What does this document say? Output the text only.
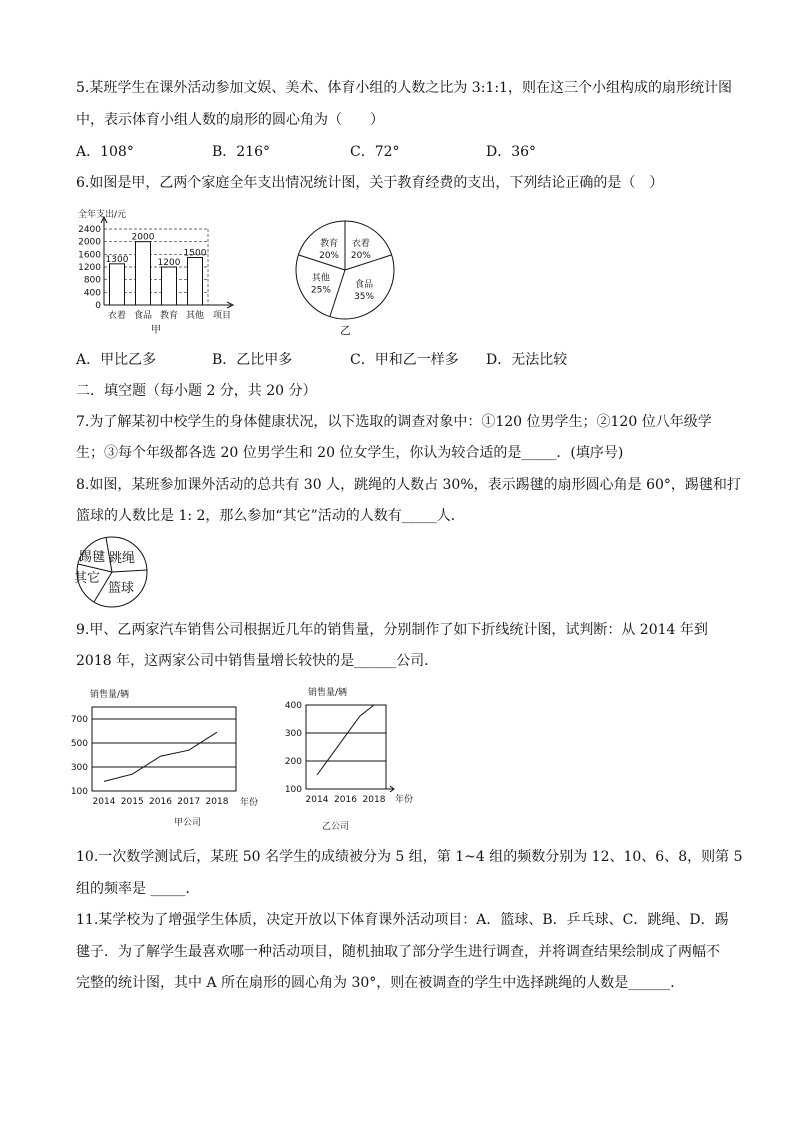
5.某班学生在课外活动参加文娱、美术、体育小组的人数之比为 3:1:1，则在这三个小组构成的扇形统计图
中，表示体育小组人数的扇形的圆心角为（　　）
A．108°	B．216°	C．72°	D．36°
6.如图是甲，乙两个家庭全年支出情况统计图，关于教育经费的支出，下列结论正确的是（　）
全年支出/元
0
400
800
1200
1600
2000
2400
1300
衣着
2000
食品
1200
教育
1500
其他 项目
甲
衣着
20%
食品
35%
其他
25%
教育
20%
乙
A．甲比乙多	B．乙比甲多	C．甲和乙一样多 D．无法比较
二．填空题（每小题 2 分，共 20 分）
7.为了解某初中校学生的身体健康状况，以下选取的调查对象中：①120 位男学生；②120 位八年级学
生；③每个年级都各选 20 位男学生和 20 位女学生，你认为较合适的是_____．(填序号)
8.如图，某班参加课外活动的总共有 30 人，跳绳的人数占 30%，表示踢毽的扇形圆心角是 60°，踢毽和打
篮球的人数比是 1: 2，那么参加“其它”活动的人数有_____人．
踢毽 跳绳
篮球
其它
9.甲、乙两家汽车销售公司根据近几年的销售量，分别制作了如下折线统计图，试判断：从 2014 年到
2018 年，这两家公司中销售量增长较快的是______公司．
销售量/辆
100
300
500
700
2014 2015 2016 2017 2018 年份
甲公司
销售量/辆
100
200
300
400
2014 2016 2018 年份
乙公司
10.一次数学测试后，某班 50 名学生的成绩被分为 5 组，第 1~4 组的频数分别为 12、10、6、8，则第 5
组的频率是 _____．
11.某学校为了增强学生体质，决定开放以下体育课外活动项目：A．篮球、B．乒乓球、C．跳绳、D．踢
毽子．为了解学生最喜欢哪一种活动项目，随机抽取了部分学生进行调查，并将调查结果绘制成了两幅不
完整的统计图，其中 A 所在扇形的圆心角为 30°，则在被调查的学生中选择跳绳的人数是______．
